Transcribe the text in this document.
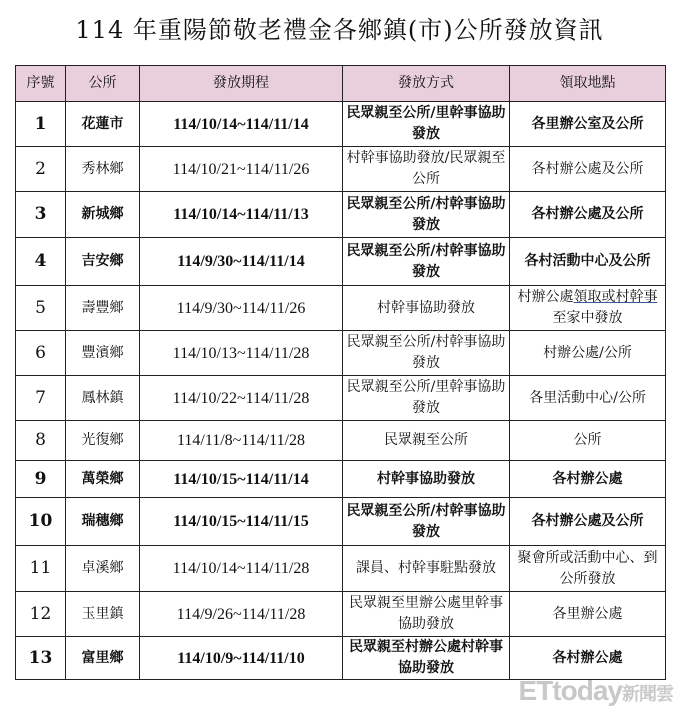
114 年重陽節敬老禮金各鄉鎮(市)公所發放資訊
序號	公所	發放期程	發放方式	領取地點
1	花蓮市	114/10/14~114/11/14	民眾親至公所/里幹事協助發放	各里辦公室及公所
2	秀林鄉	114/10/21~114/11/26	村幹事協助發放/民眾親至公所	各村辦公處及公所
3	新城鄉	114/10/14~114/11/13	民眾親至公所/村幹事協助發放	各村辦公處及公所
4	吉安鄉	114/9/30~114/11/14	民眾親至公所/村幹事協助發放	各村活動中心及公所
5	壽豐鄉	114/9/30~114/11/26	村幹事協助發放	村辦公處領取或村幹事至家中發放
6	豐濱鄉	114/10/13~114/11/28	民眾親至公所/村幹事協助發放	村辦公處/公所
7	鳳林鎮	114/10/22~114/11/28	民眾親至公所/里幹事協助發放	各里活動中心/公所
8	光復鄉	114/11/8~114/11/28	民眾親至公所	公所
9	萬榮鄉	114/10/15~114/11/14	村幹事協助發放	各村辦公處
10	瑞穗鄉	114/10/15~114/11/15	民眾親至公所/村幹事協助發放	各村辦公處及公所
11	卓溪鄉	114/10/14~114/11/28	課員、村幹事駐點發放	聚會所或活動中心、到公所發放
12	玉里鎮	114/9/26~114/11/28	民眾親至里辦公處里幹事協助發放	各里辦公處
13	富里鄉	114/10/9~114/11/10	民眾親至村辦公處村幹事協助發放	各村辦公處
ETtoday新聞雲
